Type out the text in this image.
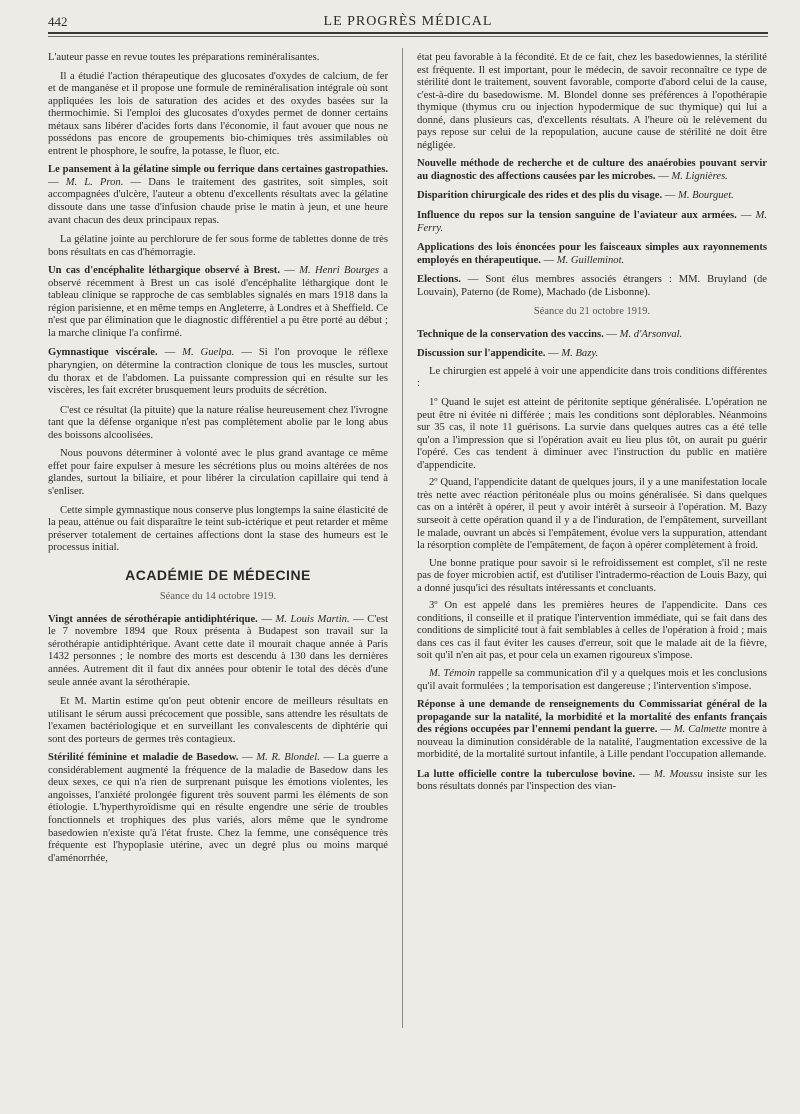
442	LE PROGRÈS MÉDICAL

L'auteur passe en revue toutes les préparations reminéralisantes.

Il a étudié l'action thérapeutique des glucosates d'oxydes de calcium, de fer et de manganèse et il propose une formule de reminéralisation intégrale où sont appliquées les lois de saturation des acides et des oxydes basées sur la thermochimie. Si l'emploi des glucosates d'oxydes permet de donner certains métaux sans libérer d'acides forts dans l'économie, il faut avouer que nous ne possédons pas encore de groupements bio-chimiques très assimilables où entrent le phosphore, le soufre, la potasse, le fluor, etc.

Le pansement à la gélatine simple ou ferrique dans certaines gastropathies. — M. L. Pron. — Dans le traitement des gastrites, soit simples, soit accompagnées d'ulcère, l'auteur a obtenu d'excellents résultats avec la gélatine dissoute dans une tasse d'infusion chaude prise le matin à jeun, et une heure avant chacun des deux principaux repas.

La gélatine jointe au perchlorure de fer sous forme de tablettes donne de très bons résultats en cas d'hémorragie.

Un cas d'encéphalite léthargique observé à Brest. — M. Henri Bourges a observé récemment à Brest un cas isolé d'encéphalite léthargique dont le tableau clinique se rapproche de cas semblables signalés en mars 1918 dans la région parisienne, et en même temps en Angleterre, à Londres et à Sheffield. Ce n'est que par élimination que le diagnostic différentiel a pu être porté au début ; la marche clinique l'a confirmé.

Gymnastique viscérale. — M. Guelpa. — Si l'on provoque le réflexe pharyngien, on détermine la contraction clonique de tous les muscles, surtout du thorax et de l'abdomen. La puissante compression qui en résulte sur les viscères, les fait excréter brusquement leurs produits de sécrétion.

C'est ce résultat (la pituite) que la nature réalise heureusement chez l'ivrogne tant que la défense organique n'est pas complètement abolie par le long abus des boissons alcoolisées.

Nous pouvons déterminer à volonté avec le plus grand avantage ce même effet pour faire expulser à mesure les sécrétions plus ou moins altérées de nos glandes, surtout la biliaire, et pour libérer la circulation capillaire qui tend à s'enliser.

Cette simple gymnastique nous conserve plus longtemps la saine élasticité de la peau, atténue ou fait disparaître le teint sub-ictérique et peut retarder et même préserver totalement de certaines affections dont la stase des humeurs est le processus initial.

ACADÉMIE DE MÉDECINE
Séance du 14 octobre 1919.

Vingt années de sérothérapie antidiphtérique. — M. Louis Martin. — C'est le 7 novembre 1894 que Roux présenta à Budapest son travail sur la sérothérapie antidiphtérique. Avant cette date il mourait chaque année à Paris 1432 personnes ; le nombre des morts est descendu à 130 dans les dernières années. Autrement dit il faut dix années pour obtenir le total des décès d'une seule année avant la sérothérapie.

Et M. Martin estime qu'on peut obtenir encore de meilleurs résultats en utilisant le sérum aussi précocement que possible, sans attendre les résultats de l'examen bactériologique et en surveillant les convalescents de diphtérie qui sont des porteurs de germes très contagieux.

Stérilité féminine et maladie de Basedow. — M. R. Blondel. — La guerre a considérablement augmenté la fréquence de la maladie de Basedow dans les deux sexes, ce qui n'a rien de surprenant puisque les émotions violentes, les angoisses, l'anxiété prolongée figurent très souvent parmi les éléments de son étiologie. L'hyperthyroïdisme qui en résulte engendre une série de troubles fonctionnels et trophiques des plus variés, alors même que le syndrome basedowien n'existe qu'à l'état fruste. Chez la femme, une conséquence très fréquente est l'hypoplasie utérine, avec un degré plus ou moins marqué d'aménorrhée,

état peu favorable à la fécondité. Et de ce fait, chez les basedowiennes, la stérilité est fréquente. Il est important, pour le médecin, de savoir reconnaître ce type de stérilité dont le traitement, souvent favorable, comporte d'abord celui de la cause, c'est-à-dire du basedowisme. M. Blondel donne ses préférences à l'opothérapie thymique (thymus cru ou injection hypodermique de suc thymique) qui lui a donné, dans plusieurs cas, d'excellents résultats. A l'heure où le relèvement du pays repose sur celui de la repopulation, aucune cause de stérilité ne doit être négligée.

Nouvelle méthode de recherche et de culture des anaérobies pouvant servir au diagnostic des affections causées par les microbes. — M. Lignières.

Disparition chirurgicale des rides et des plis du visage. — M. Bourguet.

Influence du repos sur la tension sanguine de l'aviateur aux armées. — M. Ferry.

Applications des lois énoncées pour les faisceaux simples aux rayonnements employés en thérapeutique. — M. Guilleminot.

Elections. — Sont élus membres associés étrangers : MM. Bruyland (de Louvain), Paterno (de Rome), Machado (de Lisbonne).

Séance du 21 octobre 1919.

Technique de la conservation des vaccins. — M. d'Arsonval.

Discussion sur l'appendicite. — M. Bazy.

Le chirurgien est appelé à voir une appendicite dans trois conditions différentes :

1º Quand le sujet est atteint de péritonite septique généralisée. L'opération ne peut être ni évitée ni différée ; mais les conditions sont déplorables. Néanmoins sur 35 cas, il note 11 guérisons. La survie dans quelques autres cas a été telle qu'on a l'impression que si l'opération avait eu lieu plus tôt, on aurait pu guérir l'opéré. Ces cas tendent à diminuer avec l'instruction du public en matière d'appendicite.

2º Quand, l'appendicite datant de quelques jours, il y a une manifestation locale très nette avec réaction péritonéale plus ou moins généralisée. Si dans quelques cas on a intérêt à opérer, il peut y avoir intérêt à surseoir à l'opération. M. Bazy surseoit à cette opération quand il y a de l'induration, de l'empâtement, surveillant le malade, ouvrant un abcès si l'empâtement, évolue vers la suppuration, attendant la résorption complète de l'empâtement, de façon à opérer complètement à froid.

Une bonne pratique pour savoir si le refroidissement est complet, s'il ne reste pas de foyer microbien actif, est d'utiliser l'intradermo-réaction de Louis Bazy, qui a donné jusqu'ici des résultats intéressants et concluants.

3º On est appelé dans les premières heures de l'appendicite. Dans ces conditions, il conseille et il pratique l'intervention immédiate, qui se fait dans des conditions de simplicité tout à fait semblables à celles de l'opération à froid ; mais dans ces cas il faut éviter les causes d'erreur, soit que le malade ait de la fièvre, soit qu'il n'en ait pas, et pour cela un examen rigoureux s'impose.

M. Témoin rappelle sa communication d'il y a quelques mois et les conclusions qu'il avait formulées ; la temporisation est dangereuse ; l'intervention s'impose.

Réponse à une demande de renseignements du Commissariat général de la propagande sur la natalité, la morbidité et la mortalité des enfants français des régions occupées par l'ennemi pendant la guerre. — M. Calmette montre à nouveau la diminution considérable de la natalité, l'augmentation excessive de la morbidité, de la mortalité surtout infantile, à Lille pendant l'occupation allemande.

La lutte officielle contre la tuberculose bovine. — M. Moussu insiste sur les bons résultats donnés par l'inspection des vian-
